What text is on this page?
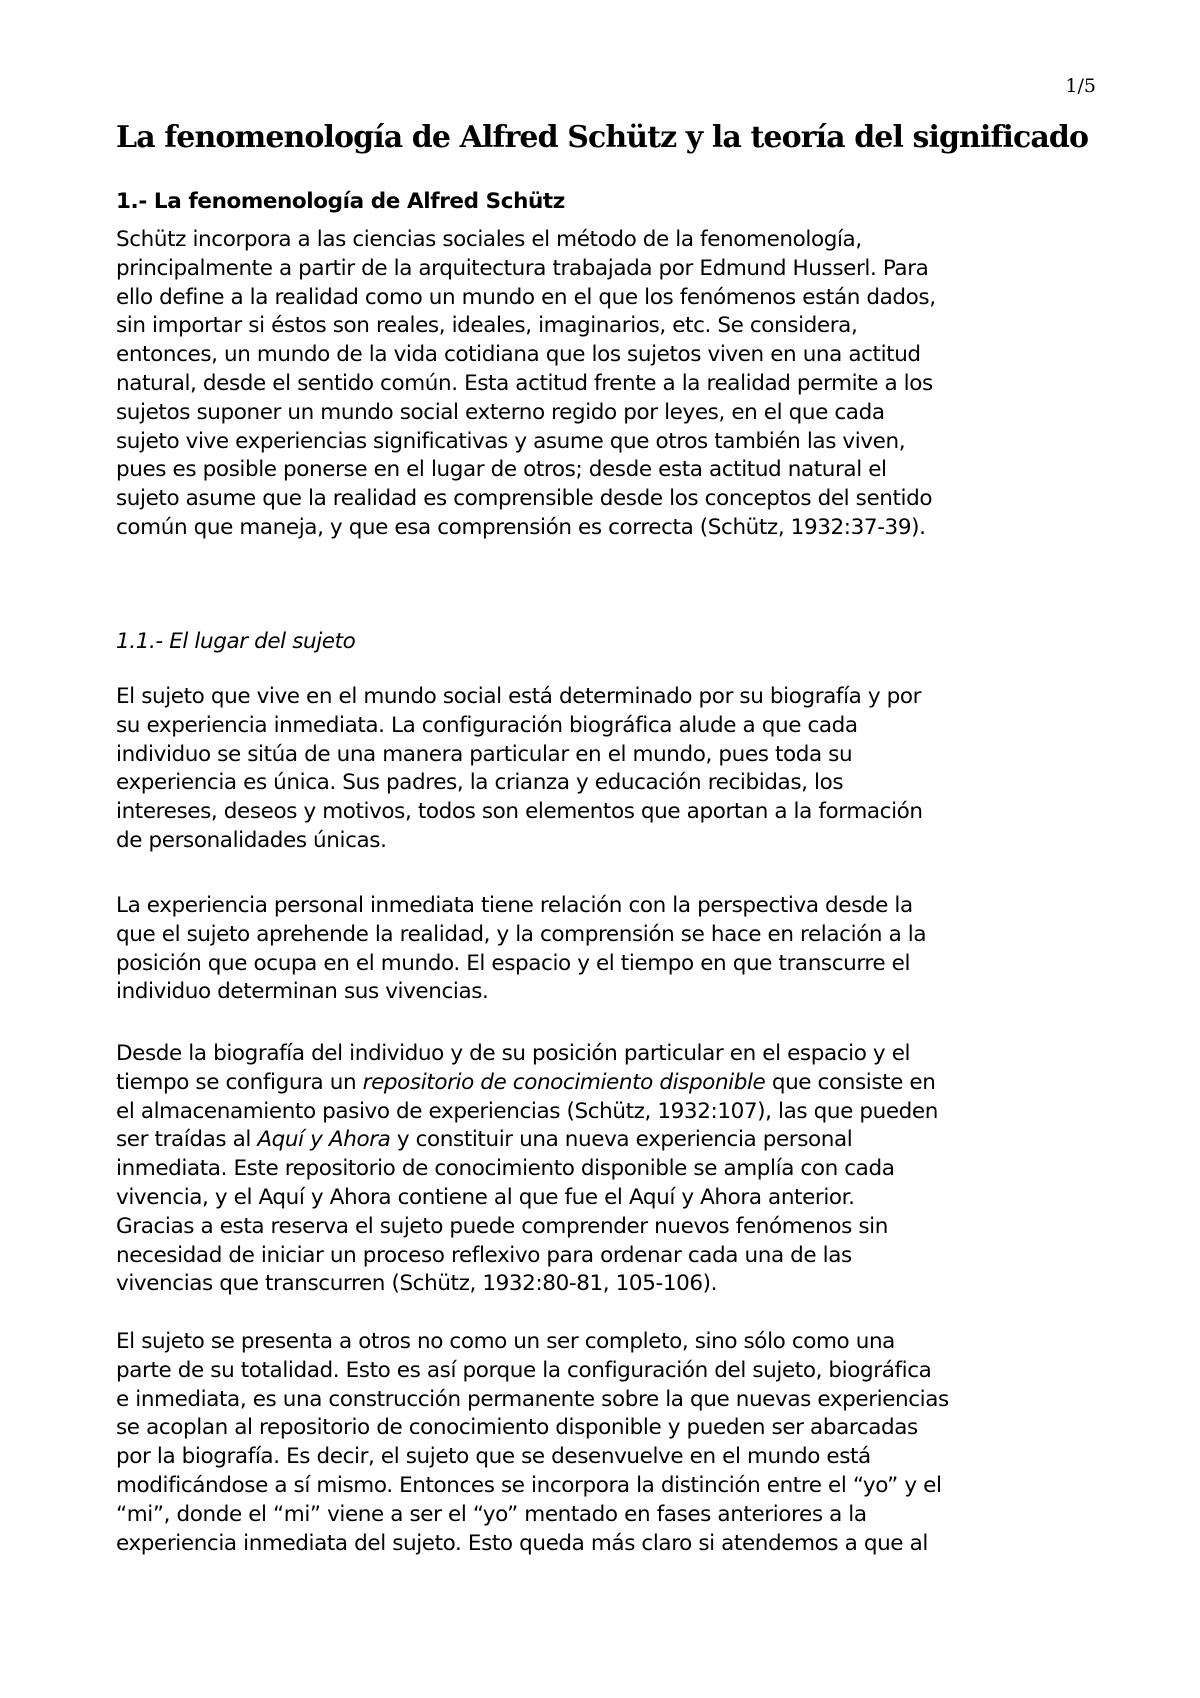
1/5
La fenomenología de Alfred Schütz y la teoría del significado
1.- La fenomenología de Alfred Schütz

Schütz incorpora a las ciencias sociales el método de la fenomenología,
principalmente a partir de la arquitectura trabajada por Edmund Husserl. Para
ello define a la realidad como un mundo en el que los fenómenos están dados,
sin importar si éstos son reales, ideales, imaginarios, etc. Se considera,
entonces, un mundo de la vida cotidiana que los sujetos viven en una actitud
natural, desde el sentido común. Esta actitud frente a la realidad permite a los
sujetos suponer un mundo social externo regido por leyes, en el que cada
sujeto vive experiencias significativas y asume que otros también las viven,
pues es posible ponerse en el lugar de otros; desde esta actitud natural el
sujeto asume que la realidad es comprensible desde los conceptos del sentido
común que maneja, y que esa comprensión es correcta (Schütz, 1932:37-39).

1.1.- El lugar del sujeto

El sujeto que vive en el mundo social está determinado por su biografía y por
su experiencia inmediata. La configuración biográfica alude a que cada
individuo se sitúa de una manera particular en el mundo, pues toda su
experiencia es única. Sus padres, la crianza y educación recibidas, los
intereses, deseos y motivos, todos son elementos que aportan a la formación
de personalidades únicas.

La experiencia personal inmediata tiene relación con la perspectiva desde la
que el sujeto aprehende la realidad, y la comprensión se hace en relación a la
posición que ocupa en el mundo. El espacio y el tiempo en que transcurre el
individuo determinan sus vivencias.

Desde la biografía del individuo y de su posición particular en el espacio y el
tiempo se configura un repositorio de conocimiento disponible que consiste en
el almacenamiento pasivo de experiencias (Schütz, 1932:107), las que pueden
ser traídas al Aquí y Ahora y constituir una nueva experiencia personal
inmediata. Este repositorio de conocimiento disponible se amplía con cada
vivencia, y el Aquí y Ahora contiene al que fue el Aquí y Ahora anterior.
Gracias a esta reserva el sujeto puede comprender nuevos fenómenos sin
necesidad de iniciar un proceso reflexivo para ordenar cada una de las
vivencias que transcurren (Schütz, 1932:80-81, 105-106).

El sujeto se presenta a otros no como un ser completo, sino sólo como una
parte de su totalidad. Esto es así porque la configuración del sujeto, biográfica
e inmediata, es una construcción permanente sobre la que nuevas experiencias
se acoplan al repositorio de conocimiento disponible y pueden ser abarcadas
por la biografía. Es decir, el sujeto que se desenvuelve en el mundo está
modificándose a sí mismo. Entonces se incorpora la distinción entre el “yo” y el
“mi”, donde el “mi” viene a ser el “yo” mentado en fases anteriores a la
experiencia inmediata del sujeto. Esto queda más claro si atendemos a que al
